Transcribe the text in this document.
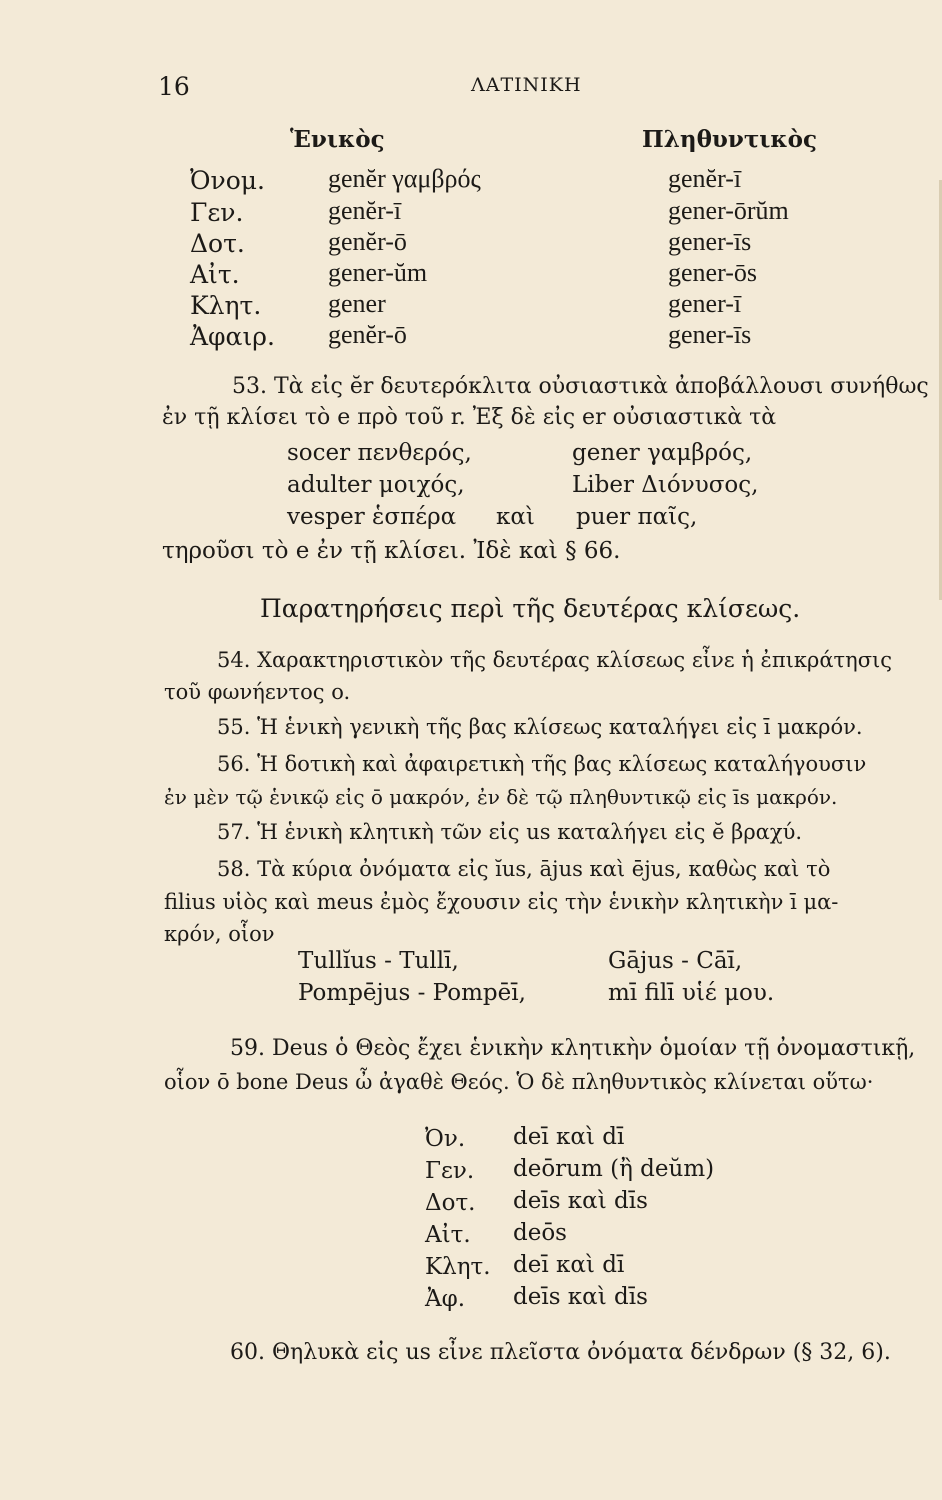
16	ΛΑΤΙΝΙΚΗ
Ἑνικὸς	Πληθυντικὸς
Ὀνομ. genĕr γαμβρός	genĕr-ī
Γεν.	genĕr-ī	gener-ōrŭm
Δοτ.	genĕr-ō	gener-īs
Αἰτ.	gener-ŭm	gener-ōs
Κλητ.	gener	gener-ī
Ἀφαιρ. genĕr-ō	gener-īs
53. Τὰ εἰς ĕr δευτερόκλιτα οὐσιαστικὰ ἀποβάλλουσι συνήθως
ἐν τῇ κλίσει τὸ e πρὸ τοῦ r. Ἐξ δὲ εἰς er οὐσιαστικὰ τὰ
socer πενθερός,	gener γαμβρός,
adulter μοιχός,	Liber Διόνυσος,
vesper ἑσπέρα καὶ puer παῖς,
τηροῦσι τὸ e ἐν τῇ κλίσει. Ἰδὲ καὶ § 66.
Παρατηρήσεις περὶ τῆς δευτέρας κλίσεως.
54. Χαρακτηριστικὸν τῆς δευτέρας κλίσεως εἶνε ἡ ἐπικράτησις
τοῦ φωνήεντος o.
55. Ἡ ἑνικὴ γενικὴ τῆς βας κλίσεως καταλήγει εἰς ī μακρόν.
56. Ἡ δοτικὴ καὶ ἀφαιρετικὴ τῆς βας κλίσεως καταλήγουσιν
ἐν μὲν τῷ ἑνικῷ εἰς ō μακρόν, ἐν δὲ τῷ πληθυντικῷ εἰς īs μακρόν.
57. Ἡ ἑνικὴ κλητικὴ τῶν εἰς us καταλήγει εἰς ĕ βραχύ.
58. Τὰ κύρια ὀνόματα εἰς ĭus, ājus καὶ ējus, καθὼς καὶ τὸ
filius υἱὸς καὶ meus ἐμὸς ἔχουσιν εἰς τὴν ἑνικὴν κλητικὴν ī μα-
κρόν, οἷον
Tullĭus - Tullī,	Gājus - Cāī,
Pompējus - Pompēī,	mī filī υἱέ μου.
59. Deus ὁ Θεὸς ἔχει ἑνικὴν κλητικὴν ὁμοίαν τῇ ὀνομαστικῇ,
οἷον ō bone Deus ὦ ἀγαθὲ Θεός. Ὁ δὲ πληθυντικὸς κλίνεται οὕτω·
Ὀν. deī καὶ dī
Γεν. deōrum (ἢ deŭm)
Δοτ. deīs καὶ dīs
Αἰτ. deōs
Κλητ. deī καὶ dī
Ἀφ. deīs καὶ dīs
60. Θηλυκὰ εἰς us εἶνε πλεῖστα ὀνόματα δένδρων (§ 32, 6).
